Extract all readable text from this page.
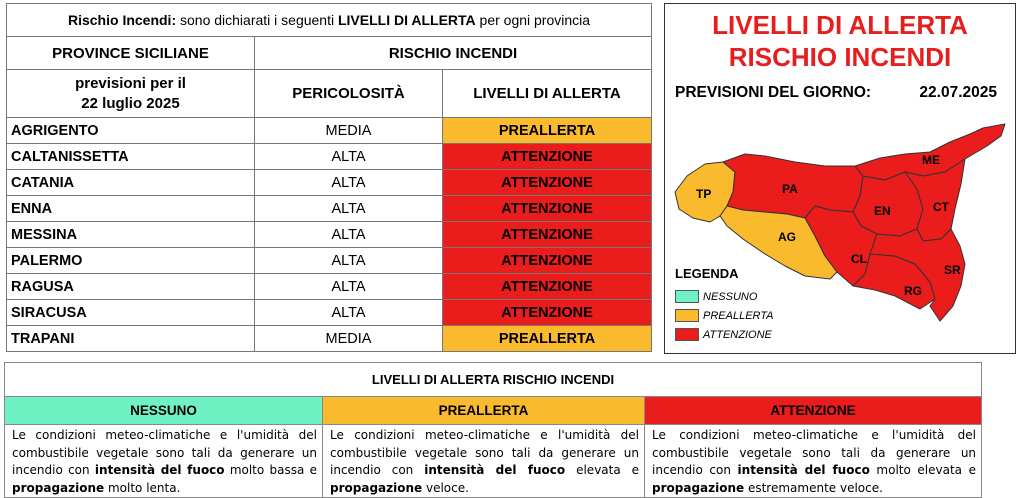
Rischio Incendi: sono dichiarati i seguenti LIVELLI DI ALLERTA per ogni provincia		
PROVINCE SICILIANE	RISCHIO INCENDI	

previsioni per il
22 luglio 2025	PERICOLOSITÀ	LIVELLI DI ALLERTA
AGRIGENTO	MEDIA	PREALLERTA
CALTANISSETTA	ALTA	ATTENZIONE
CATANIA	ALTA	ATTENZIONE
ENNA	ALTA	ATTENZIONE
MESSINA	ALTA	ATTENZIONE
PALERMO	ALTA	ATTENZIONE
RAGUSA	ALTA	ATTENZIONE
SIRACUSA	ALTA	ATTENZIONE
TRAPANI	MEDIA	PREALLERTA
LIVELLI DI ALLERTA
RISCHIO INCENDI
PREVISIONI DEL GIORNO:	22.07.2025
TP	PA
ME
AG
EN	CT
CL
SR
RG
LEGENDA
NESSUNO
PREALLERTA
ATTENZIONE
LIVELLI DI ALLERTA RISCHIO INCENDI		
NESSUNO	PREALLERTA	ATTENZIONE
Le condizioni meteo-climatiche e l'umidità del combustibile vegetale sono tali da generare un incendio con intensità del fuoco molto bassa e propagazione molto lenta.	Le condizioni meteo-climatiche e l'umidità del combustibile vegetale sono tali da generare un incendio con intensità del fuoco elevata e propagazione veloce.	Le condizioni meteo-climatiche e l'umidità del combustibile vegetale sono tali da generare un incendio con intensità del fuoco molto elevata e propagazione estremamente veloce.
